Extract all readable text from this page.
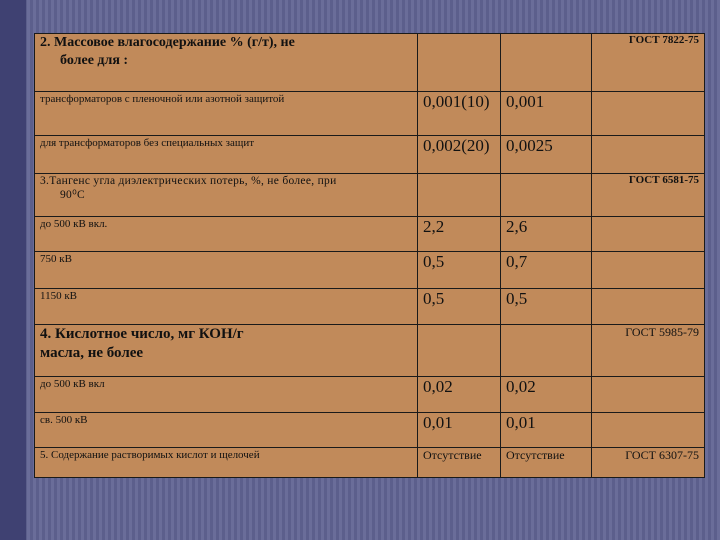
2. Массовое влагосодержание % (г/т), не
более для :			ГОСТ 7822-75
трансформаторов с пленочной или азотной защитой	0,001(10)	0,001	
для трансформаторов без специальных защит	0,002(20)	0,0025	

3.Тангенс угла диэлектрических потерь, %, не более, при
90⁰С			ГОСТ 6581-75
до 500 кВ вкл.	2,2	2,6	
750 кВ	0,5	0,7	
1150 кВ	0,5	0,5	

4. Кислотное число, мг КОН/г
масла, не более			ГОСТ 5985-79
до 500 кВ вкл	0,02	0,02	
св. 500 кВ	0,01	0,01	
5. Содержание растворимых кислот и щелочей	Отсутствие	Отсутствие	ГОСТ 6307-75
